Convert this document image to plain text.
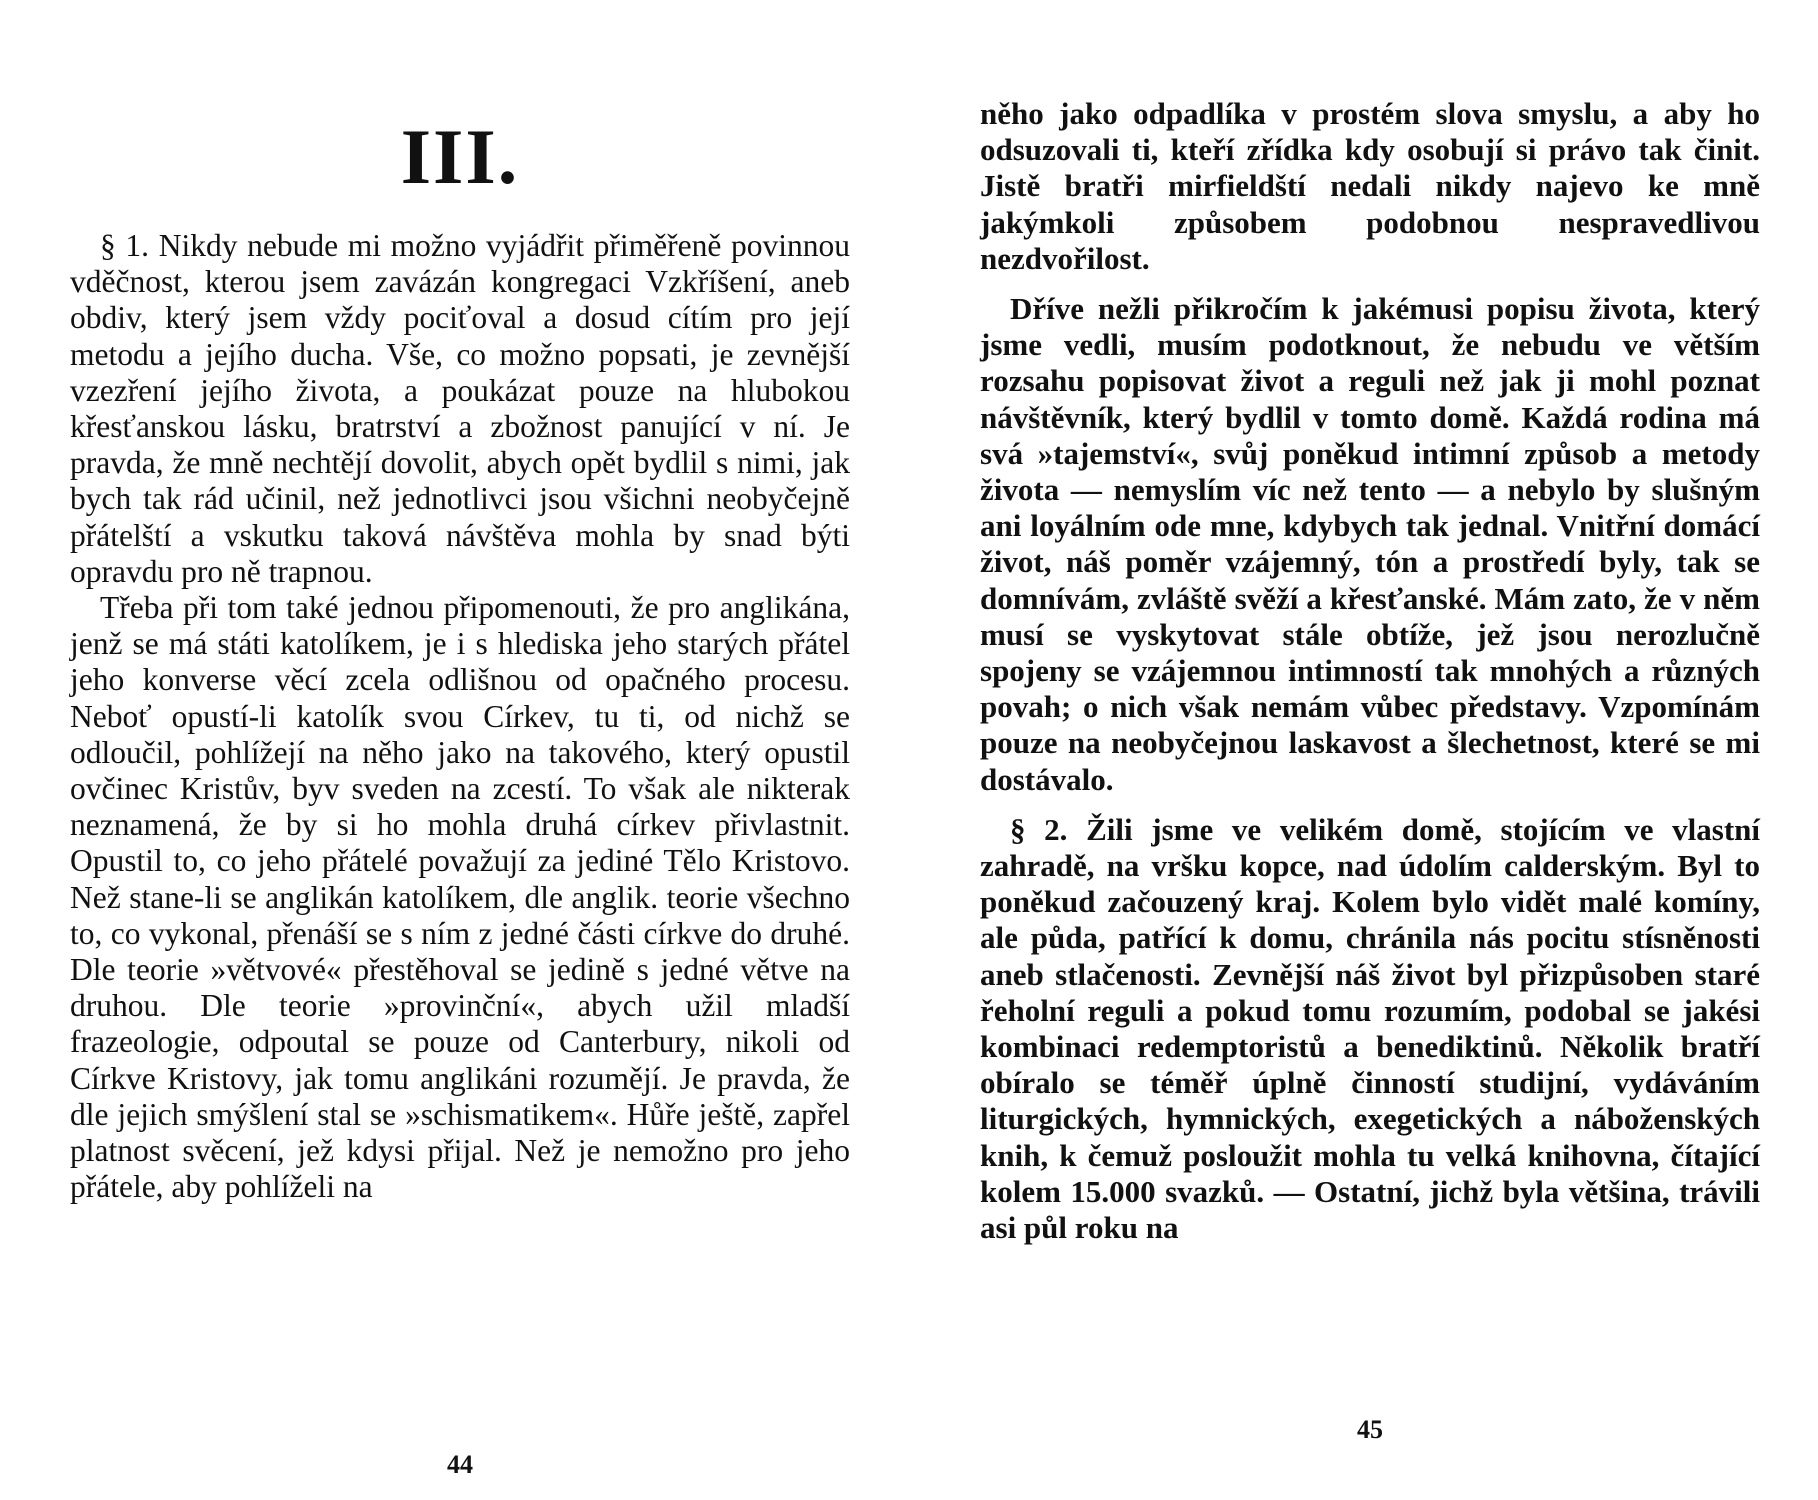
III.

§ 1. Nikdy nebude mi možno vyjádřit přiměřeně povinnou vděčnost, kterou jsem zavázán kongregaci Vzkříšení, aneb obdiv, který jsem vždy pociťoval a dosud cítím pro její metodu a jejího ducha. Vše, co možno popsati, je zevnější vzezření jejího života, a poukázat pouze na hlubokou křesťanskou lásku, bratrství a zbožnost panující v ní. Je pravda, že mně nechtějí dovolit, abych opět bydlil s nimi, jak bych tak rád učinil, než jednotlivci jsou všichni neobyčejně přátelští a vskutku taková návštěva mohla by snad býti opravdu pro ně trapnou.

Třeba při tom také jednou připomenouti, že pro anglikána, jenž se má státi katolíkem, je i s hlediska jeho starých přátel jeho konverse věcí zcela odlišnou od opačného procesu. Neboť opustí-li katolík svou Církev, tu ti, od nichž se odloučil, pohlížejí na něho jako na takového, který opustil ovčinec Kristův, byv sveden na zcestí. To však ale nikterak neznamená, že by si ho mohla druhá církev přivlastnit. Opustil to, co jeho přátelé považují za jediné Tělo Kristovo. Než stane-li se anglikán katolíkem, dle anglik. teorie všechno to, co vykonal, přenáší se s ním z jedné části církve do druhé. Dle teorie »větvové« přestěhoval se jedině s jedné větve na druhou. Dle teorie »provinční«, abych užil mladší frazeologie, odpoutal se pouze od Canterbury, nikoli od Církve Kristovy, jak tomu anglikáni rozumějí. Je pravda, že dle jejich smýšlení stal se »schismatikem«. Hůře ještě, zapřel platnost svěcení, jež kdysi přijal. Než je nemožno pro jeho přátele, aby pohlíželi na

44

něho jako odpadlíka v prostém slova smyslu, a aby ho odsuzovali ti, kteří zřídka kdy osobují si právo tak činit. Jistě bratři mirfieldští nedali nikdy najevo ke mně jakýmkoli způsobem podobnou nespravedlivou nezdvořilost.

Dříve nežli přikročím k jakémusi popisu života, který jsme vedli, musím podotknout, že nebudu ve větším rozsahu popisovat život a reguli než jak ji mohl poznat návštěvník, který bydlil v tomto domě. Každá rodina má svá »tajemství«, svůj poněkud intimní způsob a metody života — nemyslím víc než tento — a nebylo by slušným ani loyálním ode mne, kdybych tak jednal. Vnitřní domácí život, náš poměr vzájemný, tón a prostředí byly, tak se domnívám, zvláště svěží a křesťanské. Mám zato, že v něm musí se vyskytovat stále obtíže, jež jsou nerozlučně spojeny se vzájemnou intimností tak mnohých a různých povah; o nich však nemám vůbec představy. Vzpomínám pouze na neobyčejnou laskavost a šlechetnost, které se mi dostávalo.

§ 2. Žili jsme ve velikém domě, stojícím ve vlastní zahradě, na vršku kopce, nad údolím calderským. Byl to poněkud začouzený kraj. Kolem bylo vidět malé komíny, ale půda, patřící k domu, chránila nás pocitu stísněnosti aneb stlačenosti. Zevnější náš život byl přizpůsoben staré řeholní reguli a pokud tomu rozumím, podobal se jakési kombinaci redemptoristů a benediktinů. Několik bratří obíralo se téměř úplně činností studijní, vydáváním liturgických, hymnických, exegetických a náboženských knih, k čemuž posloužit mohla tu velká knihovna, čítající kolem 15.000 svazků. — Ostatní, jichž byla většina, trávili asi půl roku na

45
